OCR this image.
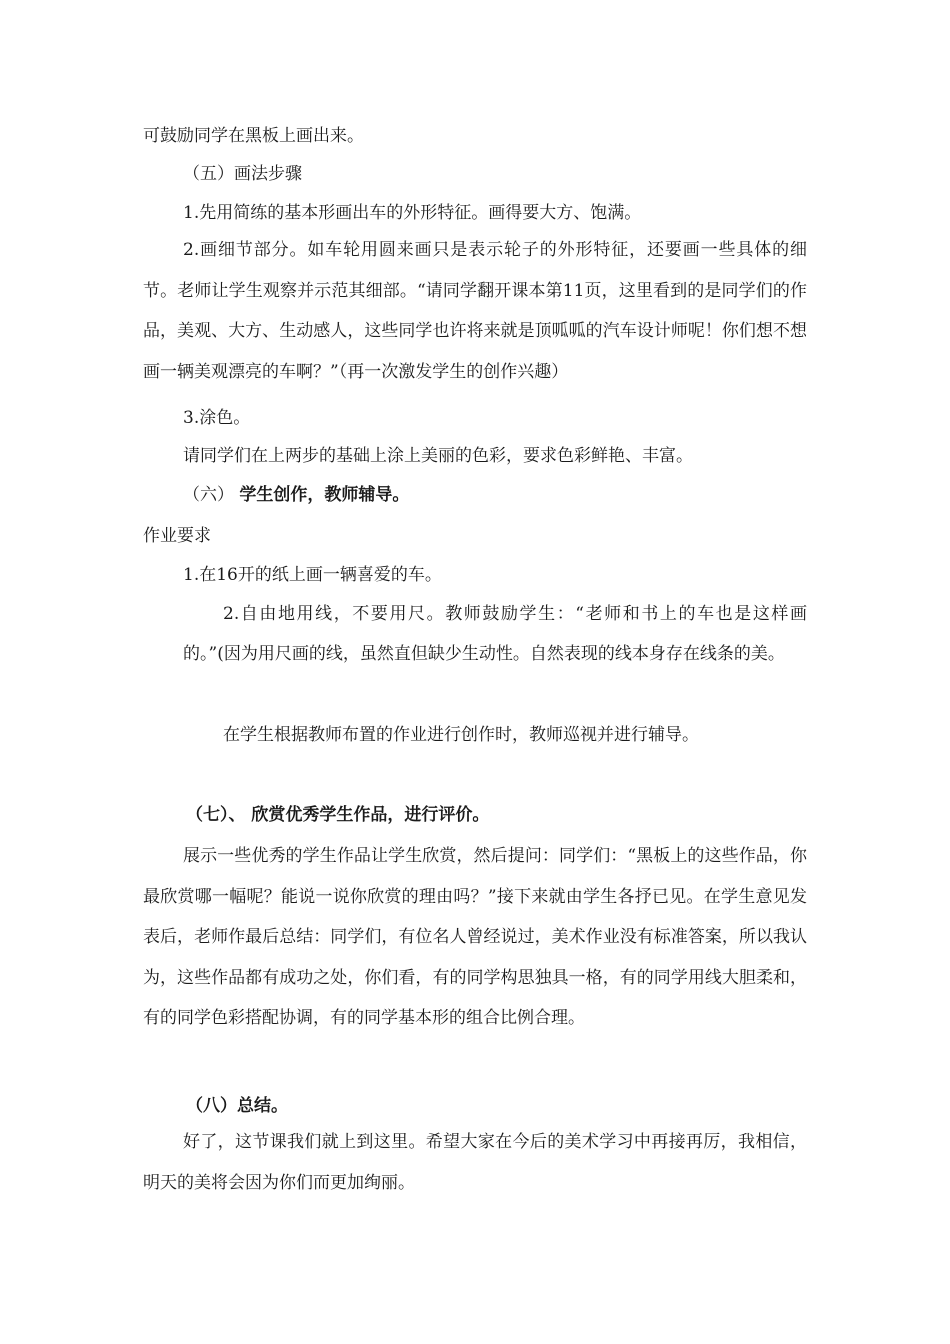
可鼓励同学在黑板上画出来。

（五）画法步骤

1.先用简练的基本形画出车的外形特征。画得要大方、饱满。

2.画细节部分。如车轮用圆来画只是表示轮子的外形特征，还要画一些具体的细节。老师让学生观察并示范其细部。“请同学翻开课本第11页，这里看到的是同学们的作品，美观、大方、生动感人，这些同学也许将来就是顶呱呱的汽车设计师呢！你们想不想画一辆美观漂亮的车啊？”（再一次激发学生的创作兴趣）

3.涂色。

请同学们在上两步的基础上涂上美丽的色彩，要求色彩鲜艳、丰富。

（六） 学生创作，教师辅导。

作业要求

1.在16开的纸上画一辆喜爱的车。

2.自由地用线，不要用尺。教师鼓励学生：“老师和书上的车也是这样画的。”(因为用尺画的线，虽然直但缺少生动性。自然表现的线本身存在线条的美。

在学生根据教师布置的作业进行创作时，教师巡视并进行辅导。

（七）、 欣赏优秀学生作品，进行评价。

展示一些优秀的学生作品让学生欣赏，然后提问：同学们：“黑板上的这些作品，你最欣赏哪一幅呢？能说一说你欣赏的理由吗？”接下来就由学生各抒已见。在学生意见发表后，老师作最后总结：同学们，有位名人曾经说过，美术作业没有标准答案，所以我认为，这些作品都有成功之处，你们看，有的同学构思独具一格，有的同学用线大胆柔和，有的同学色彩搭配协调，有的同学基本形的组合比例合理。

（八）总结。

好了，这节课我们就上到这里。希望大家在今后的美术学习中再接再厉，我相信，明天的美将会因为你们而更加绚丽。
